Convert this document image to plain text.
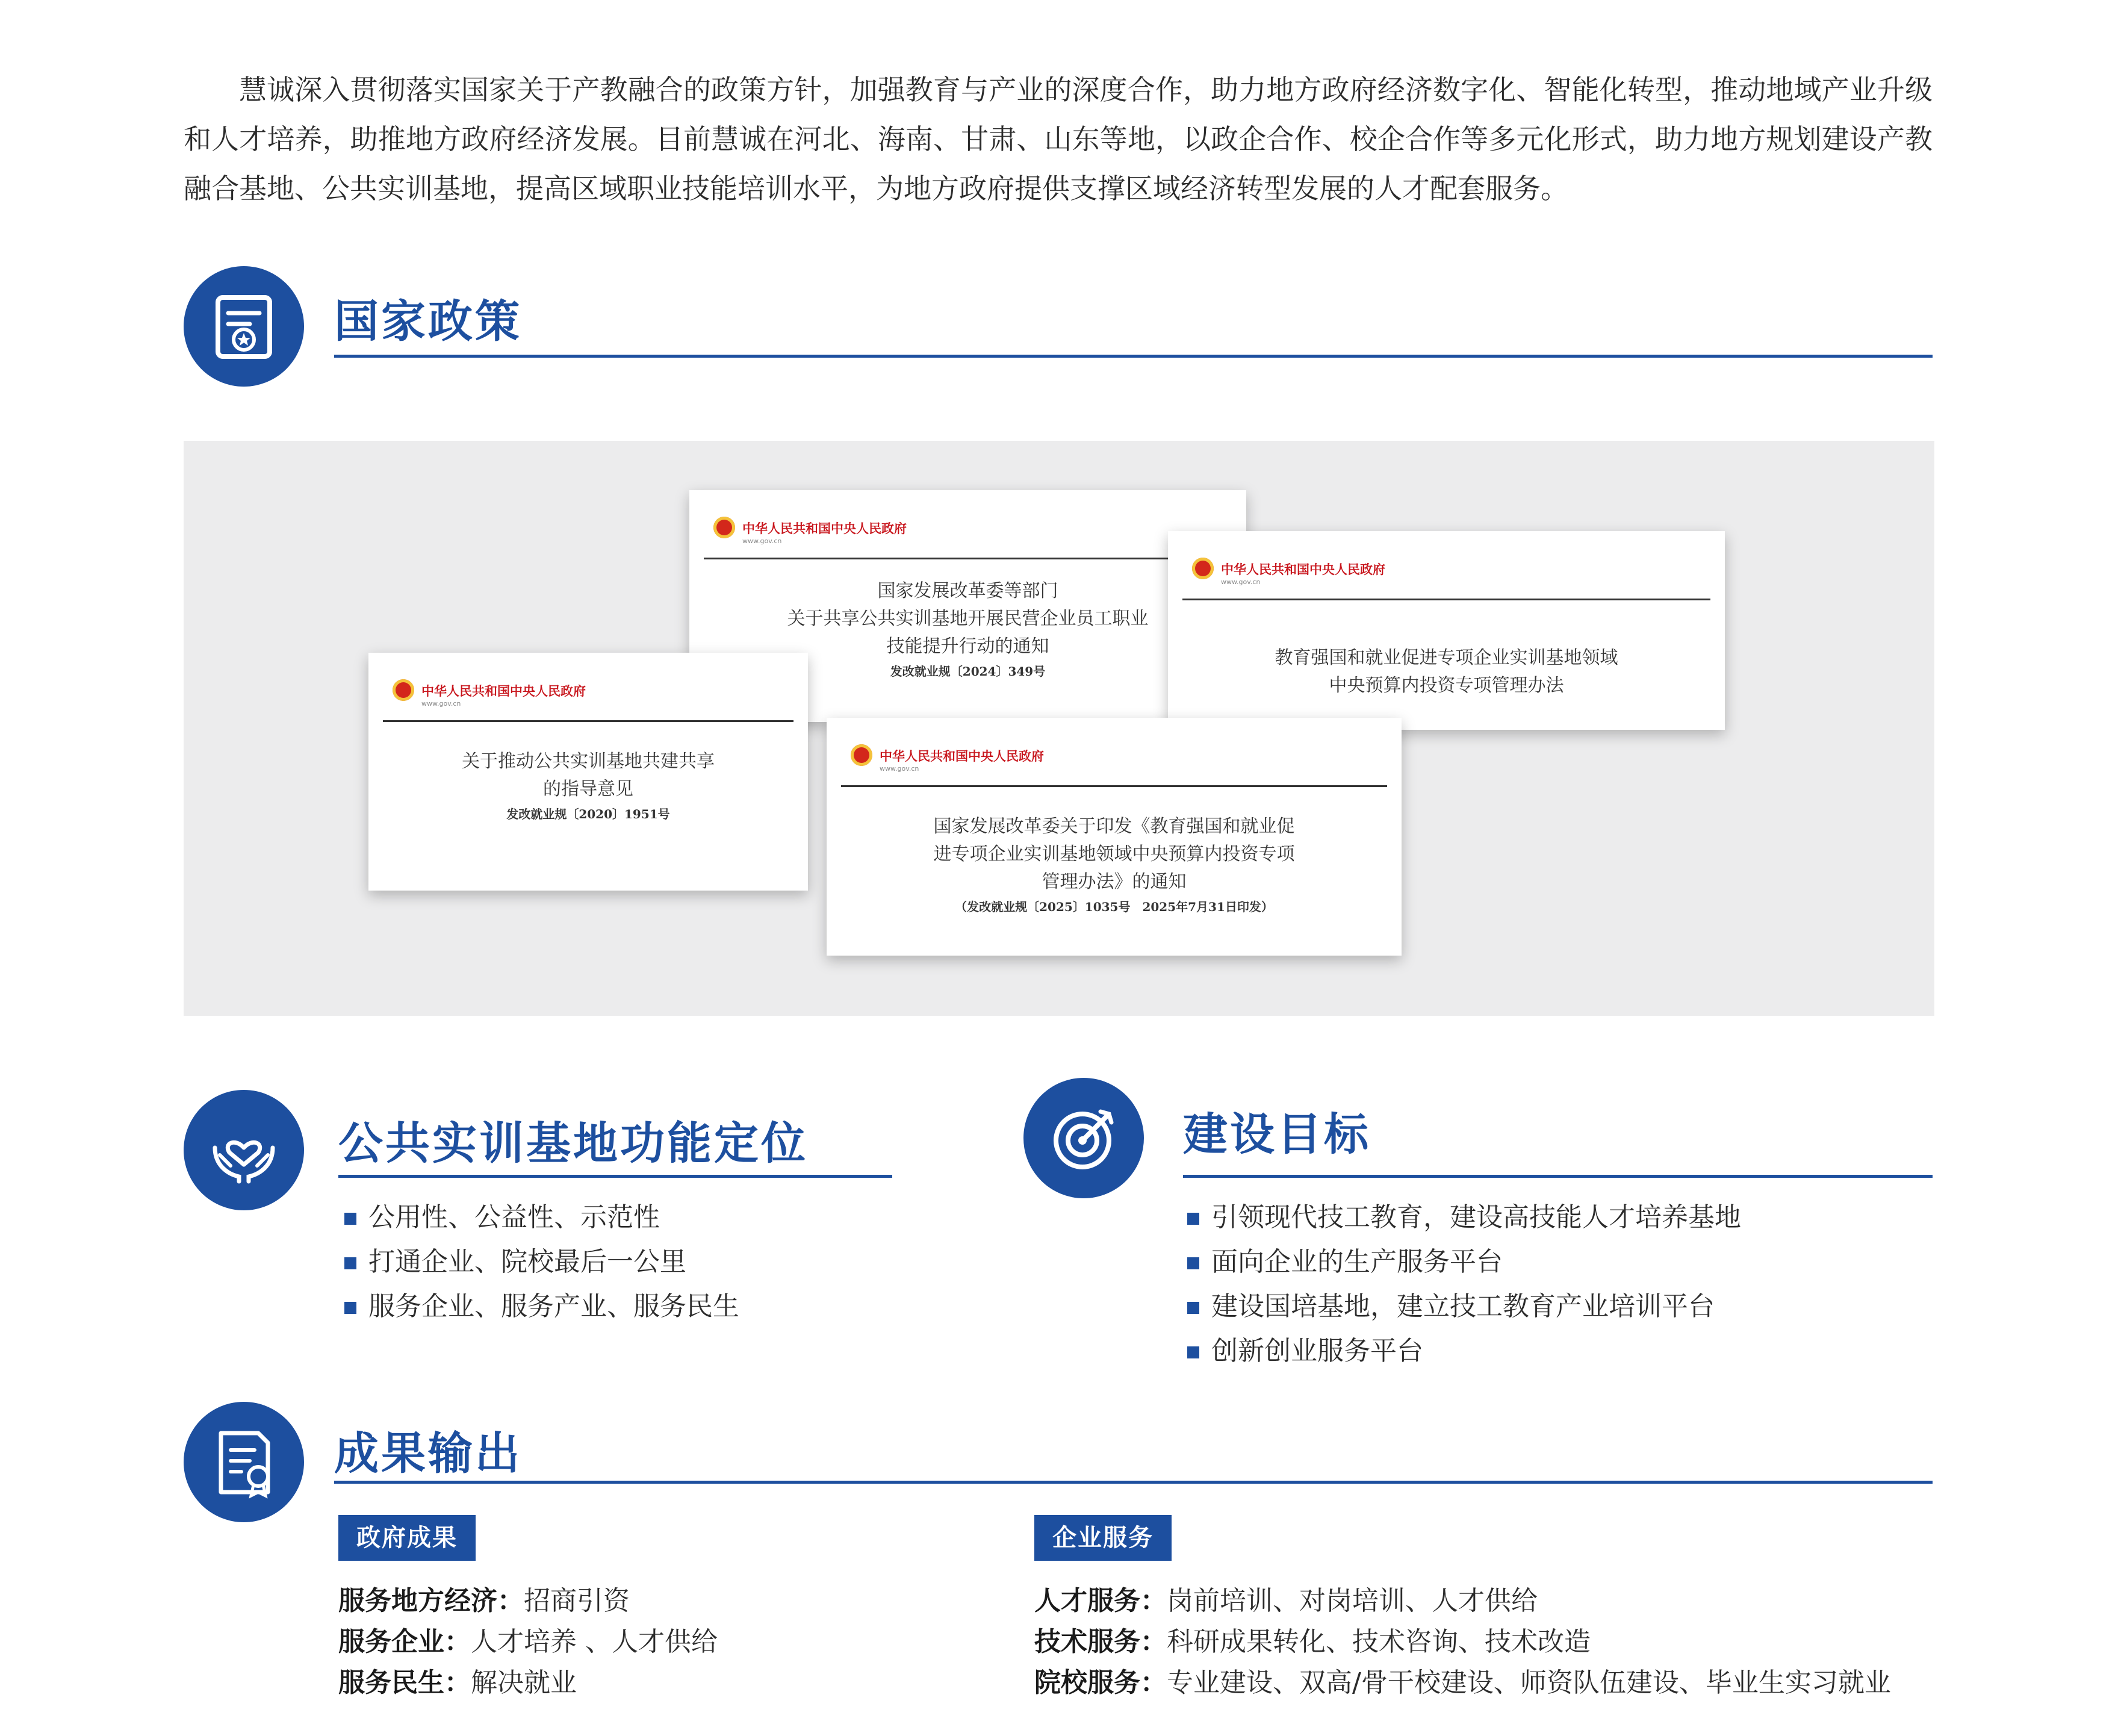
慧诚深入贯彻落实国家关于产教融合的政策方针，加强教育与产业的深度合作，助力地方政府经济数字化、智能化转型，推动地域产业升级和人才培养，助推地方政府经济发展。目前慧诚在河北、海南、甘肃、山东等地，以政企合作、校企合作等多元化形式，助力地方规划建设产教融合基地、公共实训基地，提高区域职业技能培训水平，为地方政府提供支撑区域经济转型发展的人才配套服务。

国家政策
中华人民共和国中央人民政府
www.gov.cn
国家发展改革委等部门
关于共享公共实训基地开展民营企业员工职业
技能提升行动的通知
发改就业规〔2024〕349号
中华人民共和国中央人民政府
www.gov.cn
教育强国和就业促进专项企业实训基地领域
中央预算内投资专项管理办法
中华人民共和国中央人民政府
www.gov.cn
关于推动公共实训基地共建共享
的指导意见
发改就业规〔2020〕1951号
中华人民共和国中央人民政府
www.gov.cn
国家发展改革委关于印发《教育强国和就业促
进专项企业实训基地领域中央预算内投资专项
管理办法》的通知
（发改就业规〔2025〕1035号　2025年7月31日印发）
公共实训基地功能定位
公用性、公益性、示范性
打通企业、院校最后一公里
服务企业、服务产业、服务民生
建设目标
引领现代技工教育，建设高技能人才培养基地
面向企业的生产服务平台
建设国培基地，建立技工教育产业培训平台
创新创业服务平台
成果输出
政府成果
服务地方经济：招商引资
服务企业：人才培养 、人才供给
服务民生：解决就业
企业服务
人才服务：岗前培训、对岗培训、人才供给
技术服务：科研成果转化、技术咨询、技术改造
院校服务：专业建设、双高/骨干校建设、师资队伍建设、毕业生实习就业
